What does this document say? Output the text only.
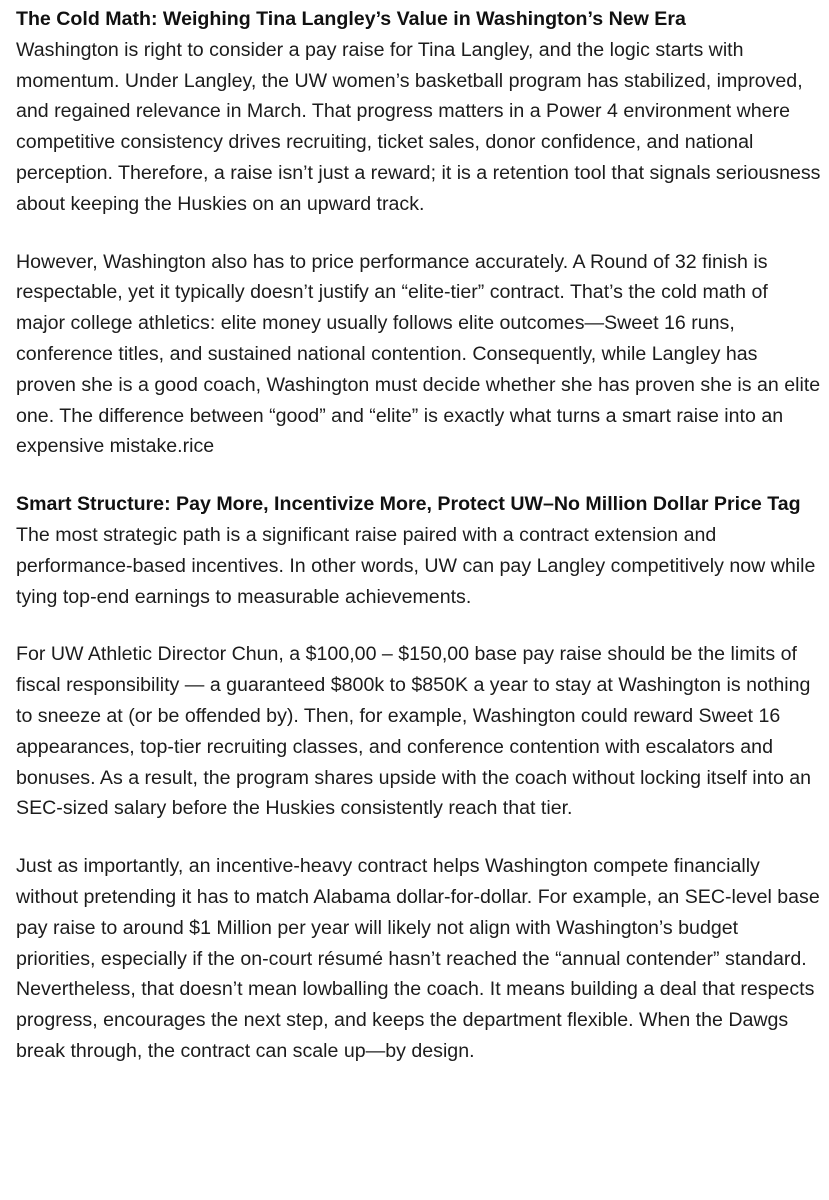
The Cold Math: Weighing Tina Langley’s Value in Washington’s New Era

Washington is right to consider a pay raise for Tina Langley, and the logic starts with momentum. Under Langley, the UW women’s basketball program has stabilized, improved, and regained relevance in March. That progress matters in a Power 4 environment where competitive consistency drives recruiting, ticket sales, donor confidence, and national perception. Therefore, a raise isn’t just a reward; it is a retention tool that signals seriousness about keeping the Huskies on an upward track.

However, Washington also has to price performance accurately. A Round of 32 finish is respectable, yet it typically doesn’t justify an “elite-tier” contract. That’s the cold math of major college athletics: elite money usually follows elite outcomes—Sweet 16 runs, conference titles, and sustained national contention. Consequently, while Langley has proven she is a good coach, Washington must decide whether she has proven she is an elite one. The difference between “good” and “elite” is exactly what turns a smart raise into an expensive mistake.rice

Smart Structure: Pay More, Incentivize More, Protect UW–No Million Dollar Price Tag

The most strategic path is a significant raise paired with a contract extension and performance-based incentives. In other words, UW can pay Langley competitively now while tying top-end earnings to measurable achievements.

For UW Athletic Director Chun, a $100,00 – $150,00 base pay raise should be the limits of fiscal responsibility — a guaranteed $800k to $850K a year to stay at Washington is nothing to sneeze at (or be offended by). Then, for example, Washington could reward Sweet 16 appearances, top-tier recruiting classes, and conference contention with escalators and bonuses. As a result, the program shares upside with the coach without locking itself into an SEC-sized salary before the Huskies consistently reach that tier.

Just as importantly, an incentive-heavy contract helps Washington compete financially without pretending it has to match Alabama dollar-for-dollar. For example, an SEC-level base pay raise to around $1 Million per year will likely not align with Washington’s budget priorities, especially if the on-court résumé hasn’t reached the “annual contender” standard. Nevertheless, that doesn’t mean lowballing the coach. It means building a deal that respects progress, encourages the next step, and keeps the department flexible. When the Dawgs break through, the contract can scale up—by design.
